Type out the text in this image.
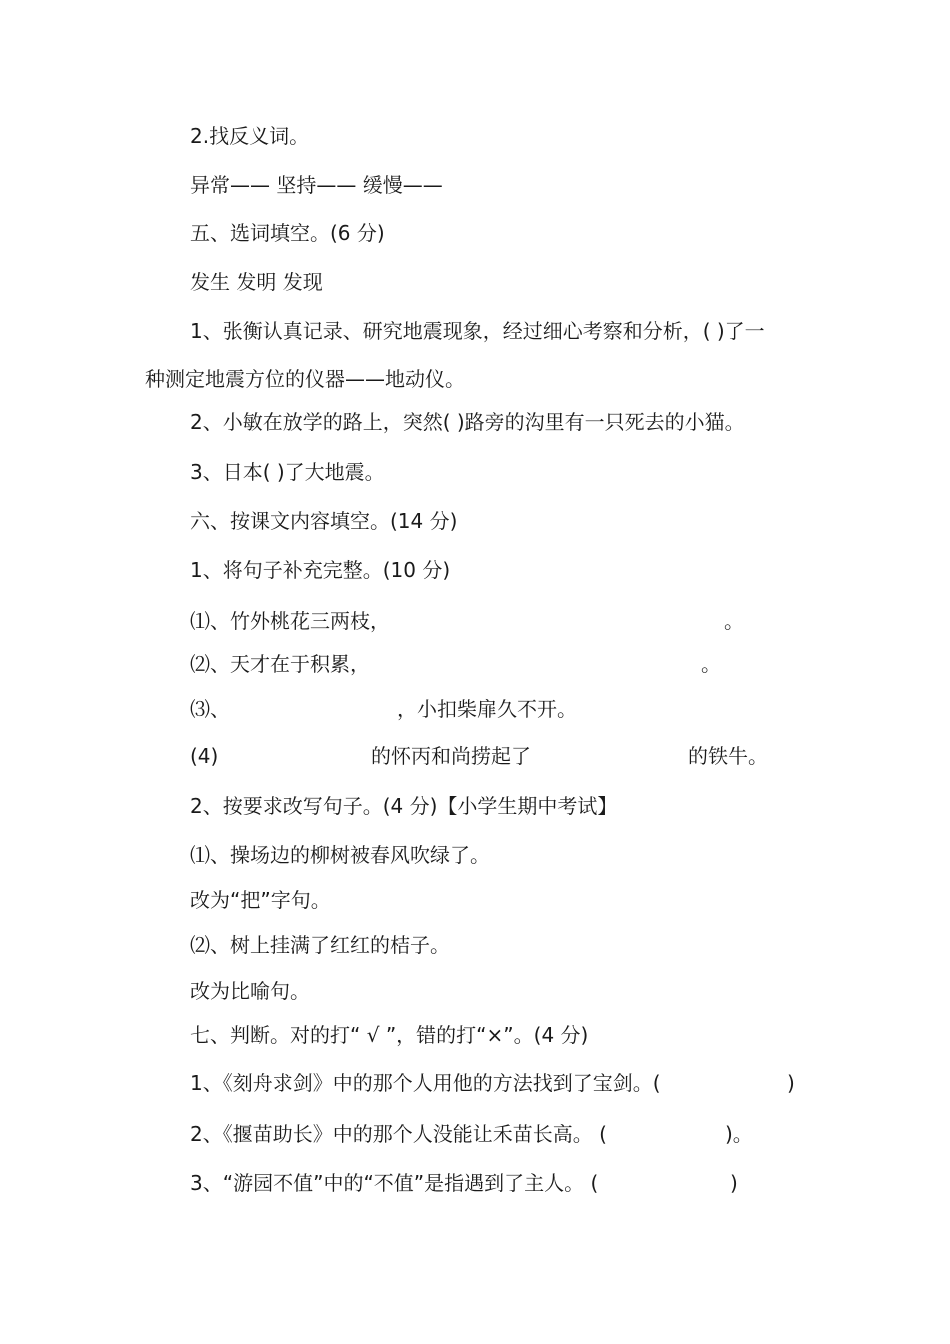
2.找反义词。
异常—— 坚持—— 缓慢——
五、选词填空。(6 分)
发生 发明 发现
1、张衡认真记录、研究地震现象，经过细心考察和分析，( )了一
种测定地震方位的仪器——地动仪。
2、小敏在放学的路上，突然( )路旁的沟里有一只死去的小猫。
3、日本( )了大地震。
六、按课文内容填空。(14 分)
1、将句子补充完整。(10 分)
⑴、竹外桃花三两枝，	。
⑵、天才在于积累，	。
⑶、	，小扣柴扉久不开。
(4)	的怀丙和尚捞起了	的铁牛。
2、按要求改写句子。(4 分)【小学生期中考试】
⑴、操场边的柳树被春风吹绿了。
改为“把”字句。
⑵、树上挂满了红红的桔子。
改为比喻句。
七、判断。对的打“ √ ”，错的打“×”。(4 分)
1、《刻舟求剑》中的那个人用他的方法找到了宝剑。(	)
2、《揠苗助长》中的那个人没能让禾苗长高。 (	)。
3、“游园不值”中的“不值”是指遇到了主人。 (	)
